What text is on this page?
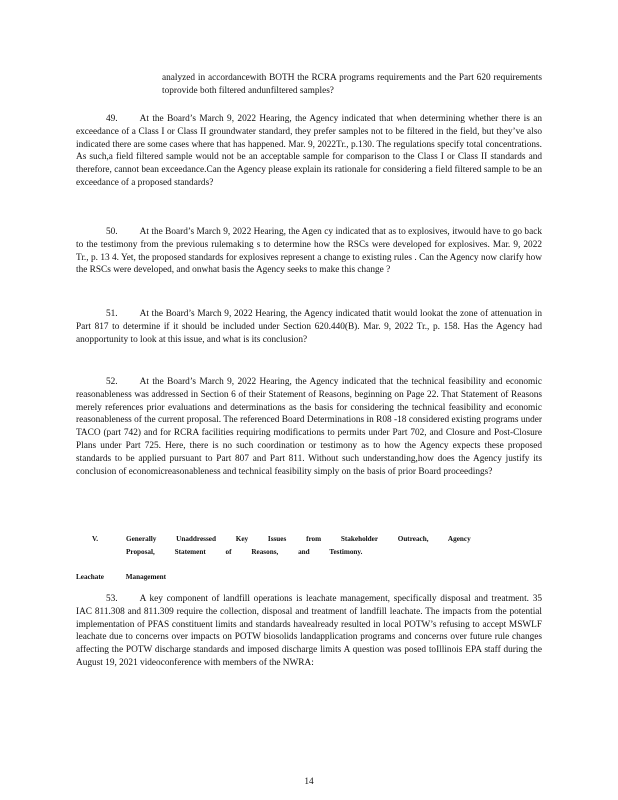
analyzed in accordancewith BOTH the RCRA programs requirements and the Part 620 requirements toprovide both filtered andunfiltered samples?

49. At the Board’s March 9, 2022 Hearing, the Agency indicated that when determining whether there is an exceedance of a Class I or Class II groundwater standard, they prefer samples not to be filtered in the field, but they’ve also indicated there are some cases where that has happened. Mar. 9, 2022Tr., p.130. The regulations specify total concentrations. As such,a field filtered sample would not be an acceptable sample for comparison to the Class I or Class II standards and therefore, cannot bean exceedance.Can the Agency please explain its rationale for considering a field filtered sample to be an exceedance of a proposed standards?

50. At the Board’s March 9, 2022 Hearing, the Agen cy indicated that as to explosives, itwould have to go back to the testimony from the previous rulemaking s to determine how the RSCs were developed for explosives. Mar. 9, 2022 Tr., p. 13 4. Yet, the proposed standards for explosives represent a change to existing rules . Can the Agency now clarify how the RSCs were developed, and onwhat basis the Agency seeks to make this change ?

51. At the Board’s March 9, 2022 Hearing, the Agency indicated thatit would lookat the zone of attenuation in Part 817 to determine if it should be included under Section 620.440(B). Mar. 9, 2022 Tr., p. 158. Has the Agency had anopportunity to look at this issue, and what is its conclusion?

52. At the Board’s March 9, 2022 Hearing, the Agency indicated that the technical feasibility and economic reasonableness was addressed in Section 6 of their Statement of Reasons, beginning on Page 22. That Statement of Reasons merely references prior evaluations and determinations as the basis for considering the technical feasibility and economic reasonableness of the current proposal. The referenced Board Determinations in R08 -18 considered existing programs under TACO (part 742) and for RCRA facilities requiring modifications to permits under Part 702, and Closure and Post-Closure Plans under Part 725. Here, there is no such coordination or testimony as to how the Agency expects these proposed standards to be applied pursuant to Part 807 and Part 811. Without such understanding,how does the Agency justify its conclusion of economicreasonableness and technical feasibility simply on the basis of prior Board proceedings?

V.	Generally Unaddressed Key Issues from Stakeholder Outreach, Agency Proposal, Statement of Reasons, and Testimony.
Leachate Management

53. A key component of landfill operations is leachate management, specifically disposal and treatment. 35 IAC 811.308 and 811.309 require the collection, disposal and treatment of landfill leachate. The impacts from the potential implementation of PFAS constituent limits and standards havealready resulted in local POTW’s refusing to accept MSWLF leachate due to concerns over impacts on POTW biosolids landapplication programs and concerns over future rule changes affecting the POTW discharge standards and imposed discharge limits A question was posed toIllinois EPA staff during the August 19, 2021 videoconference with members of the NWRA:

14
